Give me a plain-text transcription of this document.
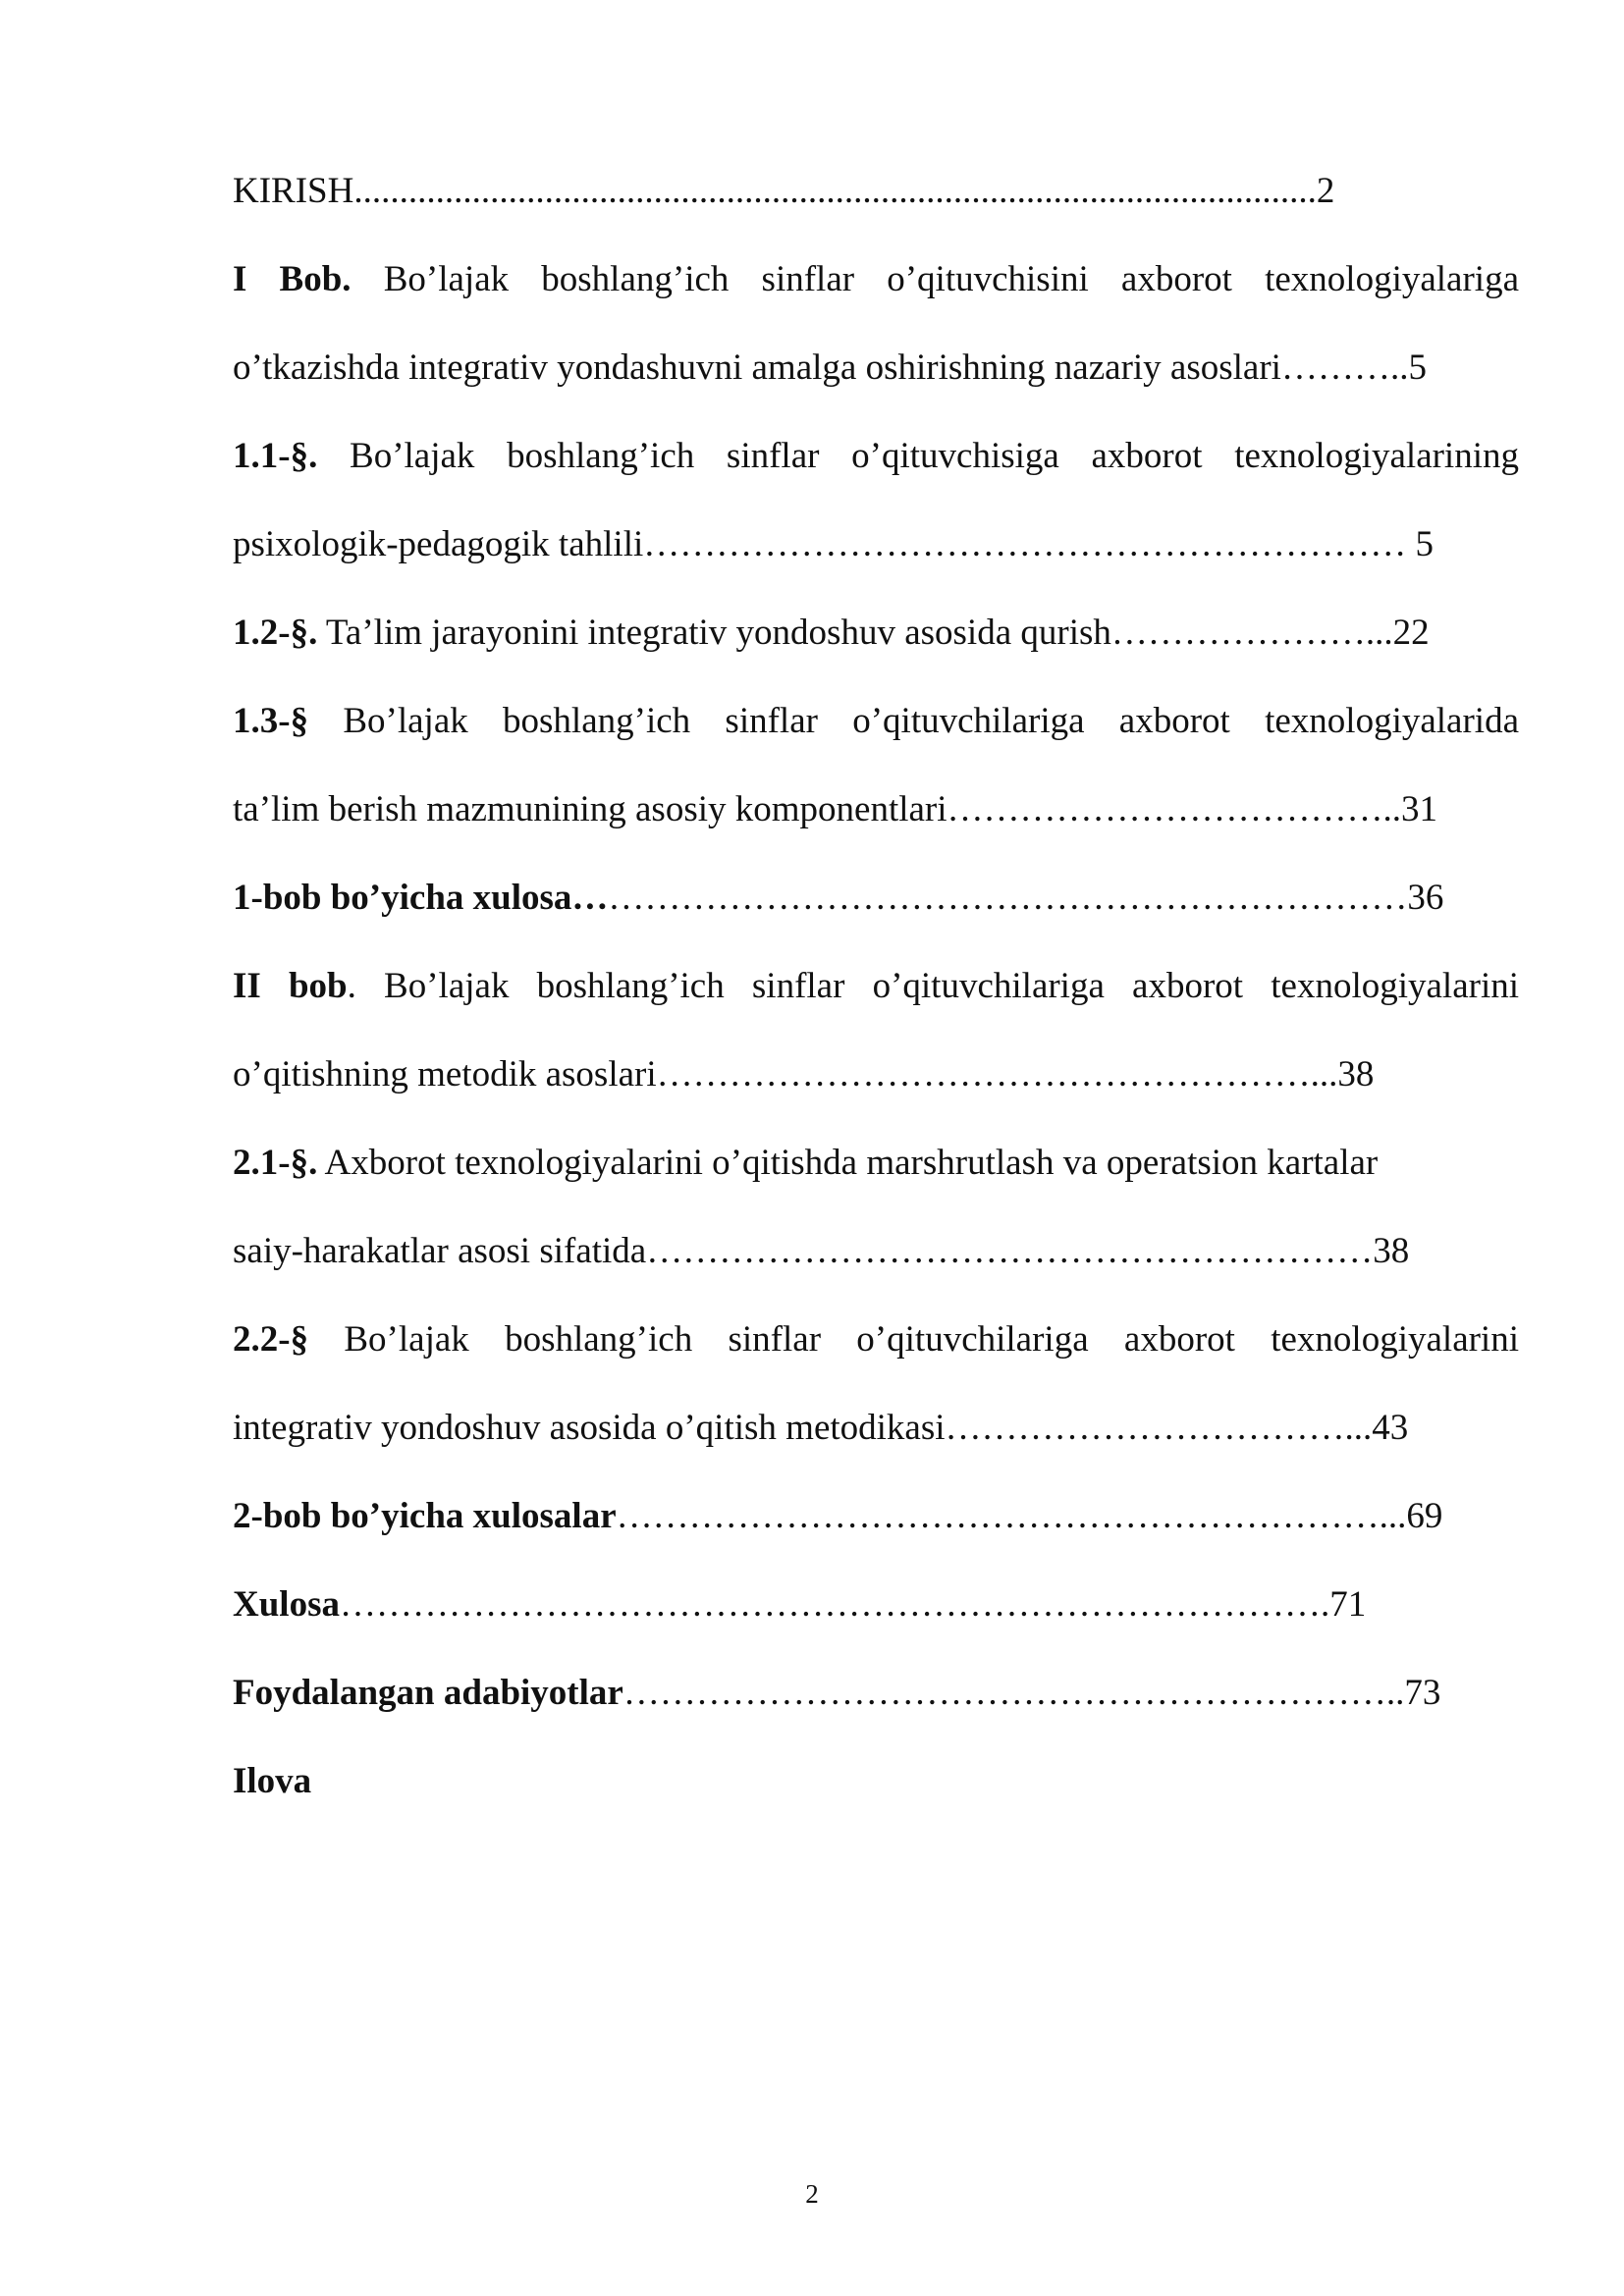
KIRISH..........................................................................................................2
I Bob. Bo’lajak boshlang’ich sinflar o’qituvchisini axborot texnologiyalariga
o’tkazishda integrativ yondashuvni amalga oshirishning nazariy asoslari………..5
1.1-§. Bo’lajak boshlang’ich sinflar o’qituvchisiga axborot texnologiyalarining
psixologik-pedagogik tahlili……………………………………………………… 5
1.2-§. Ta’lim jarayonini integrativ yondoshuv asosida qurish…………………...22
1.3-§ Bo’lajak boshlang’ich sinflar o’qituvchilariga axborot texnologiyalarida
ta’lim berish mazmunining asosiy komponentlari………………………………..31
1-bob bo’yicha xulosa……………………………………………………………36
II bob. Bo’lajak boshlang’ich sinflar o’qituvchilariga axborot texnologiyalarini
o’qitishning metodik asoslari………………………………………………...38
2.1-§. Axborot texnologiyalarini o’qitishda marshrutlash va operatsion kartalar
saiy-harakatlar asosi sifatida……………………………………………………38
2.2-§ Bo’lajak boshlang’ich sinflar o’qituvchilariga axborot texnologiyalarini
integrativ yondoshuv asosida o’qitish metodikasi……………………………...43
2-bob bo’yicha xulosalar………………………………………………………...69
Xulosa……………………………………………………………………….71
Foydalangan adabiyotlar………………………………………………………..73
Ilova
2
